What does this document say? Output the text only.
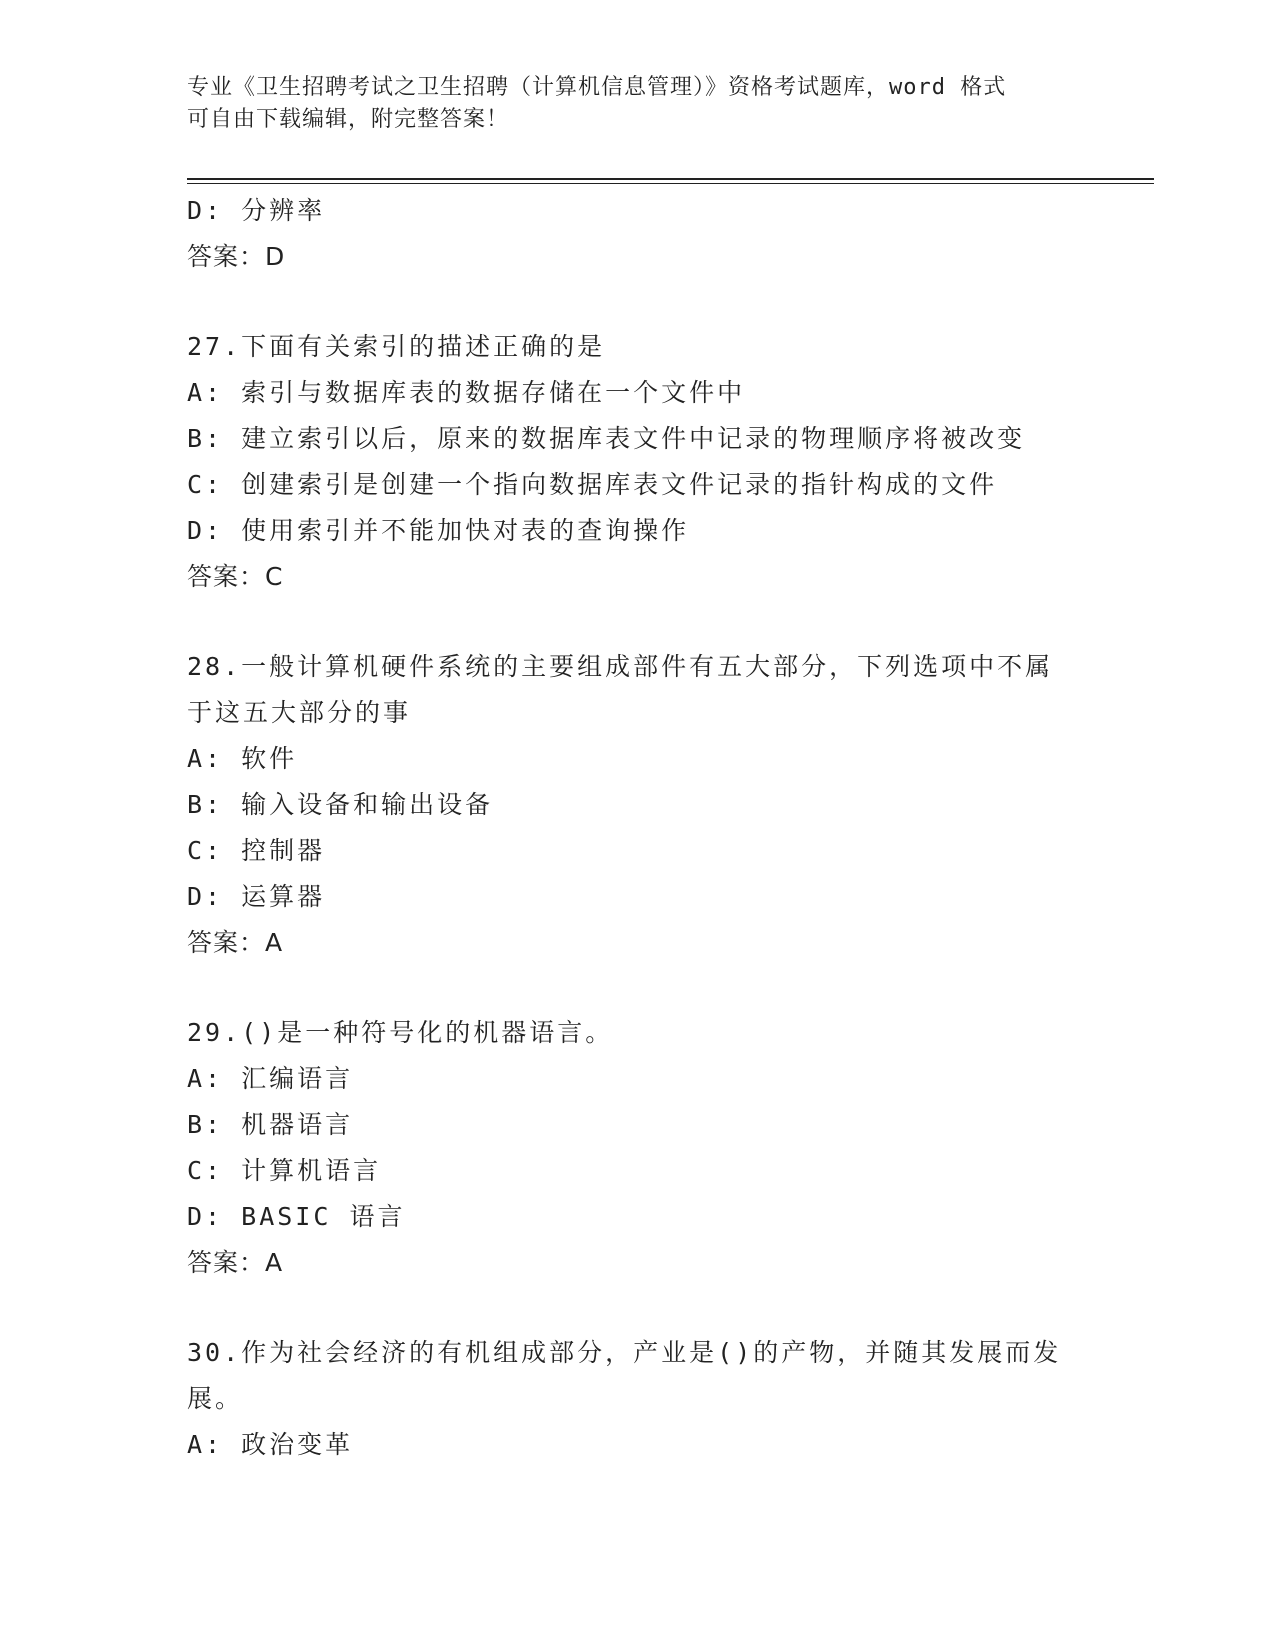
专业《卫生招聘考试之卫生招聘（计算机信息管理）》资格考试题库，word 格式
可自由下载编辑，附完整答案！
D: 分辨率
答案：D
27.下面有关索引的描述正确的是
A: 索引与数据库表的数据存储在一个文件中
B: 建立索引以后，原来的数据库表文件中记录的物理顺序将被改变
C: 创建索引是创建一个指向数据库表文件记录的指针构成的文件
D: 使用索引并不能加快对表的查询操作
答案：C
28.一般计算机硬件系统的主要组成部件有五大部分，下列选项中不属
于这五大部分的事
A: 软件
B: 输入设备和输出设备
C: 控制器
D: 运算器
答案：A
29.()是一种符号化的机器语言。
A: 汇编语言
B: 机器语言
C: 计算机语言
D: BASIC 语言
答案：A
30.作为社会经济的有机组成部分，产业是()的产物，并随其发展而发
展。
A: 政治变革
